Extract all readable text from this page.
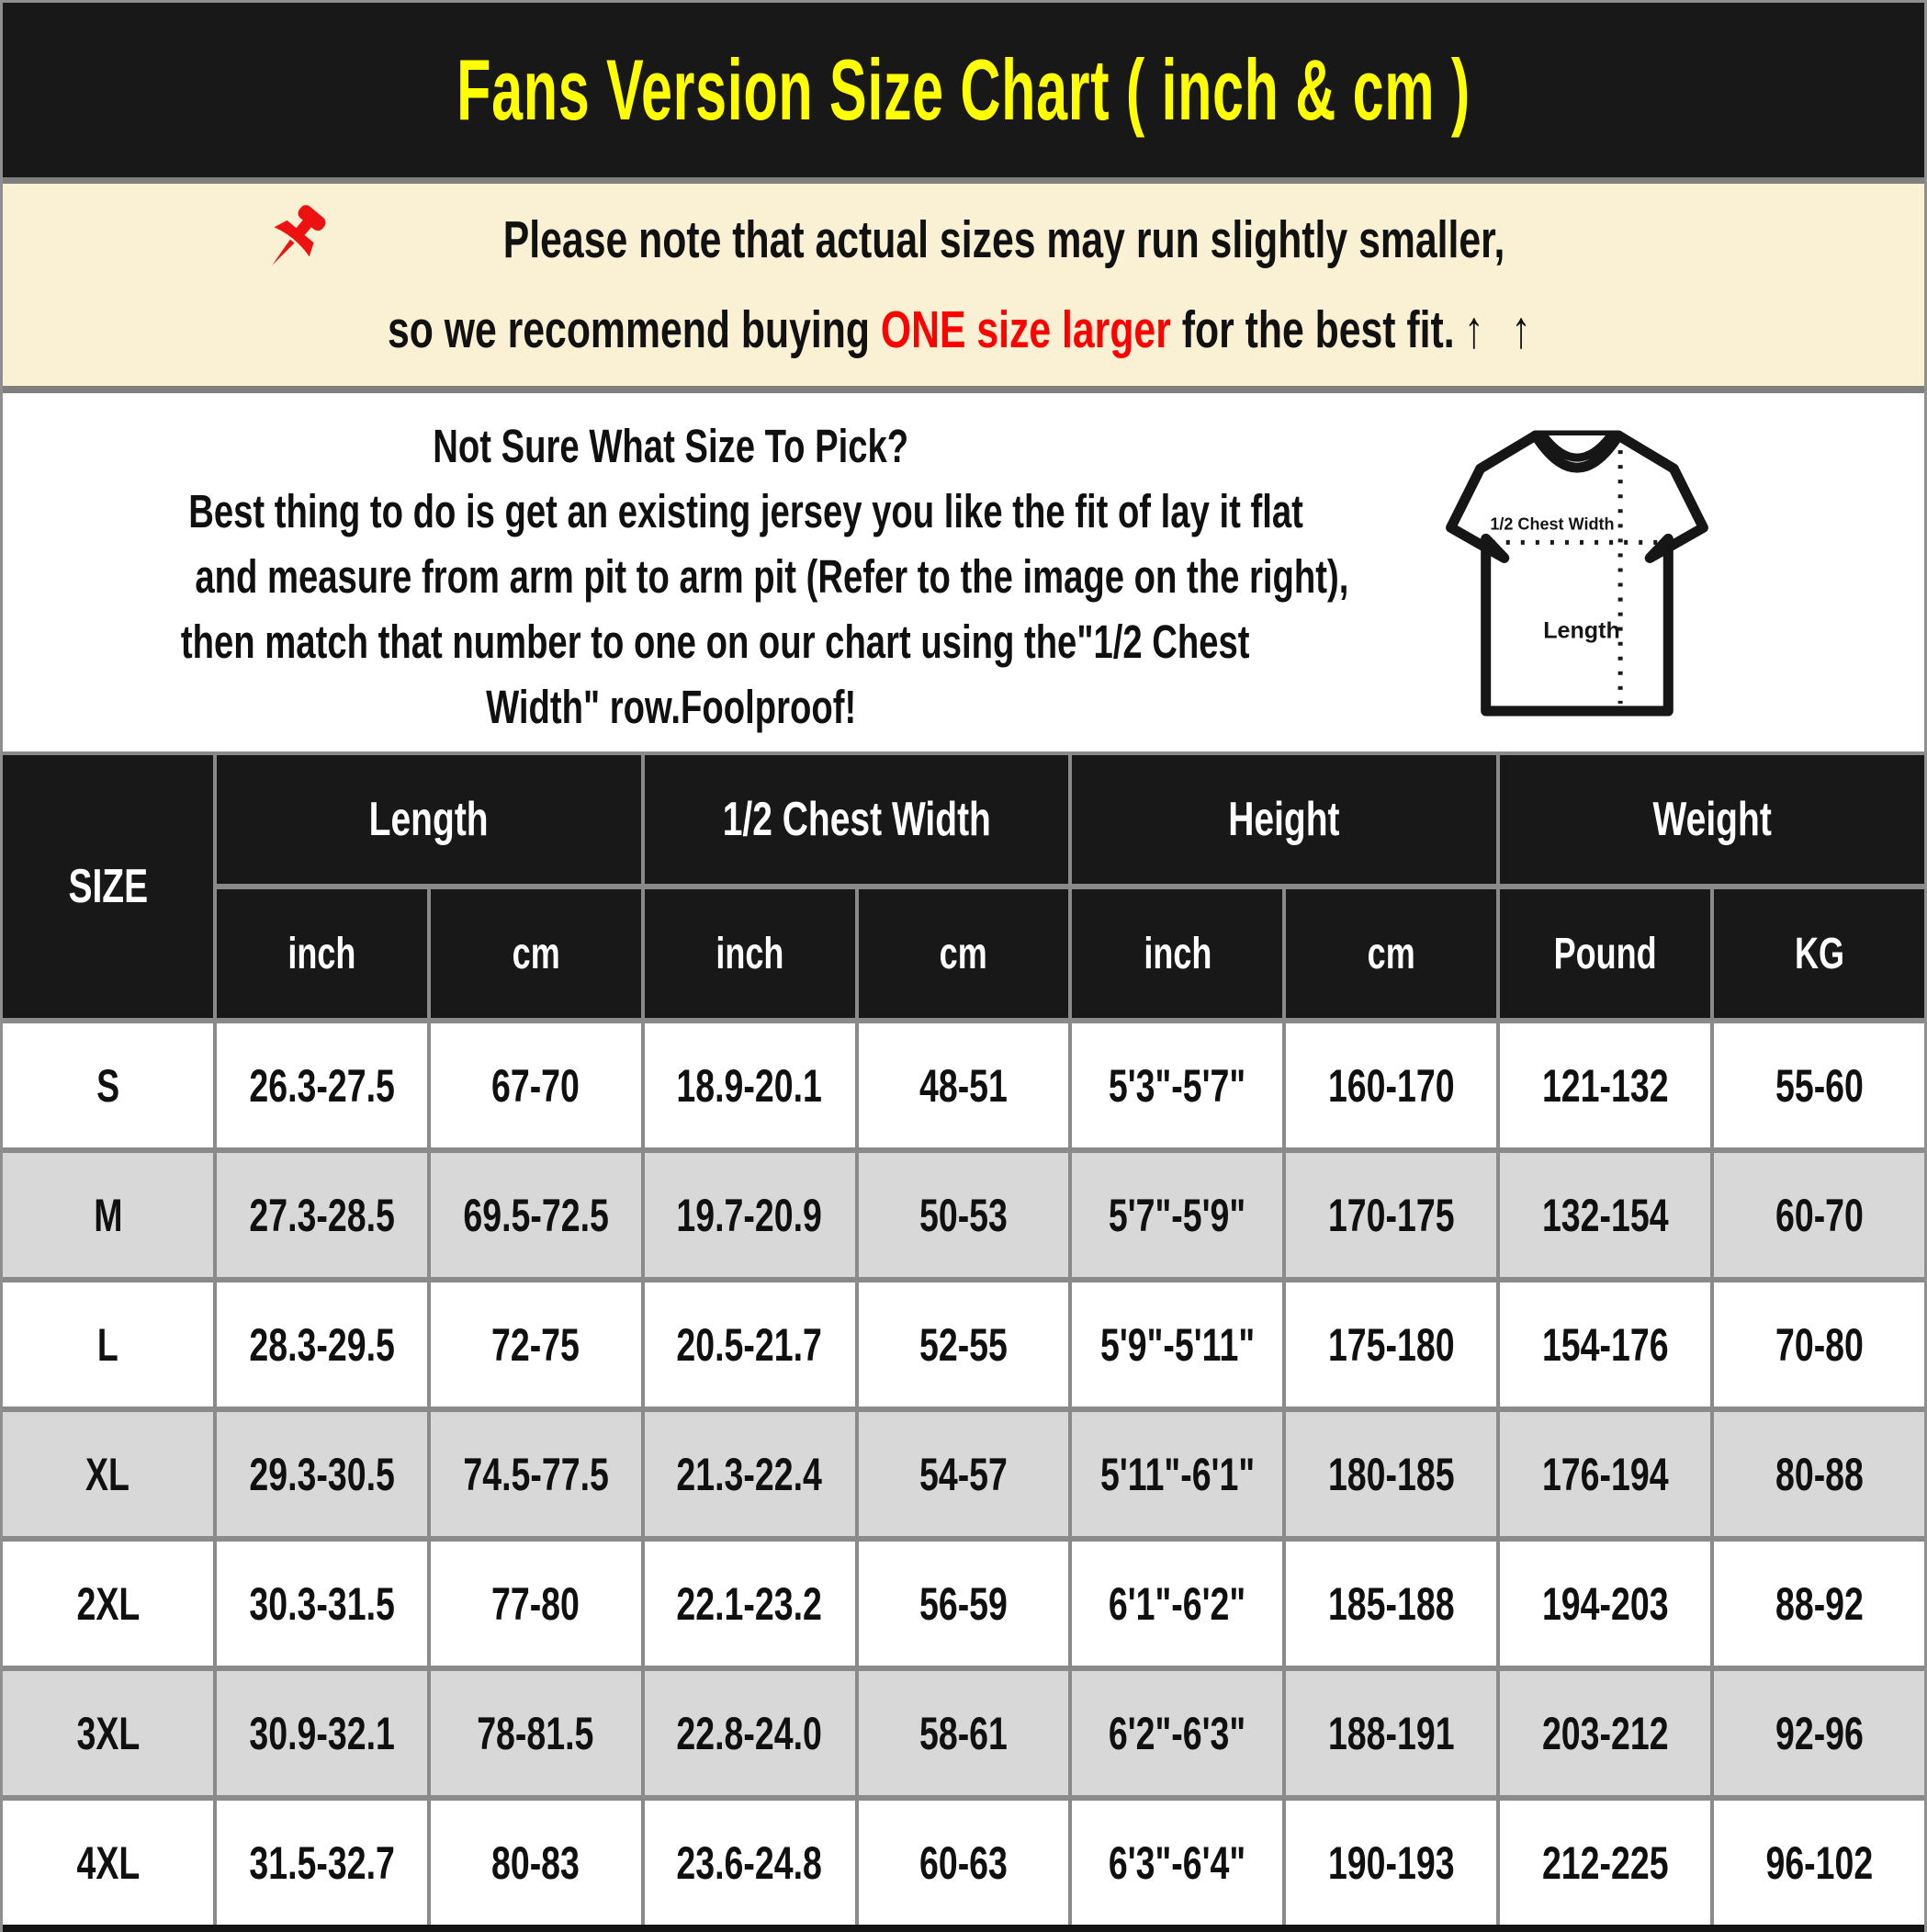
Fans Version Size Chart ( inch & cm )
Please note that actual sizes may run slightly smaller,
so we recommend buying ONE size larger for the best fit. ↑ ↑
Not Sure What Size To Pick?
Best thing to do is get an existing jersey you like the fit of lay it flat
and measure from arm pit to arm pit (Refer to the image on the right),
then match that number to one on our chart using the"1/2 Chest
Width" row.Foolproof!
1/2 Chest Width
Length
SIZE
Length	1/2 Chest Width	Height	Weight
inch	cm	inch	cm	inch	cm	Pound	KG
S	26.3-27.5 67-70 18.9-20.1 48-51 5'3"-5'7" 160-170 121-132 55-60
M	27.3-28.5 69.5-72.5 19.7-20.9 50-53 5'7"-5'9" 170-175 132-154 60-70
L	28.3-29.5 72-75 20.5-21.7 52-55 5'9"-5'11" 175-180 154-176 70-80
XL	29.3-30.5 74.5-77.5 21.3-22.4 54-57 5'11"-6'1" 180-185 176-194 80-88
2XL 30.3-31.5 77-80 22.1-23.2 56-59 6'1"-6'2" 185-188 194-203 88-92
3XL 30.9-32.1 78-81.5 22.8-24.0 58-61 6'2"-6'3" 188-191 203-212 92-96
4XL 31.5-32.7 80-83 23.6-24.8 60-63 6'3"-6'4" 190-193 212-225 96-102
